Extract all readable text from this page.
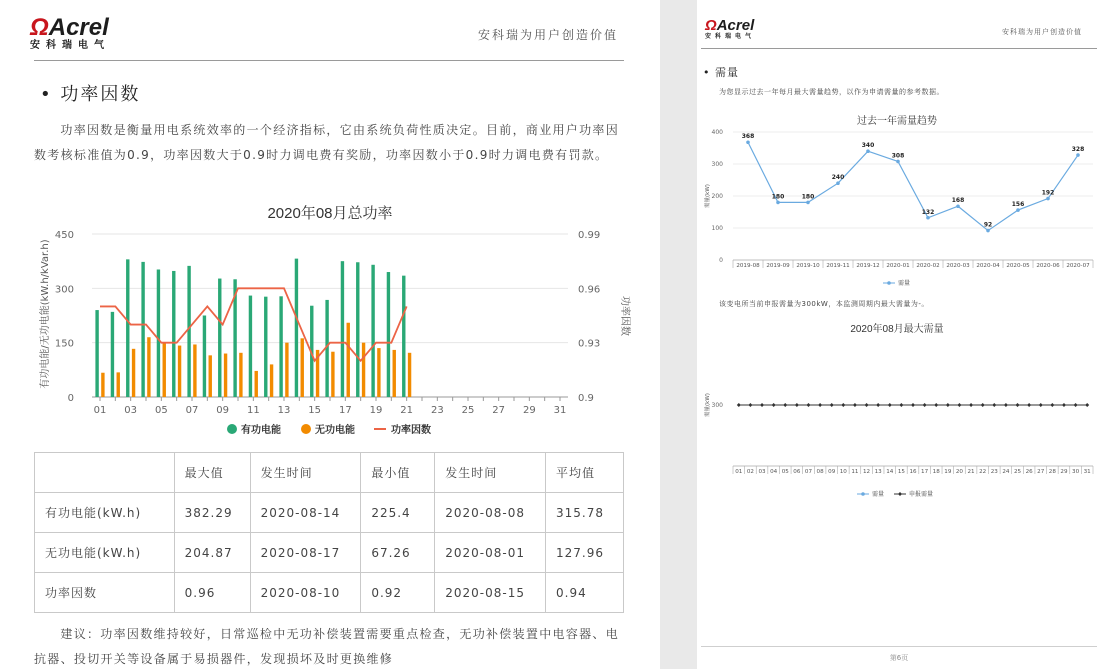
ΩAcrel
安科瑞电气
安科瑞为用户创造价值
• 功率因数
功率因数是衡量用电系统效率的一个经济指标，它由系统负荷性质决定。目前，商业用户功率因数考核标准值为0.9，功率因数大于0.9时力调电费有奖励，功率因数小于0.9时力调电费有罚款。
2020年08月总功率
0
150
300
450
0.9
0.93
0.96
0.99
01 03 05 07 09 11 13 15 17 19 21 23 25 27 29 31
有功电能/无功电能(kW.h/kVar.h)	功率因数
有功电能	无功电能	功率因数
	最大值	发生时间	最小值	发生时间	平均值
有功电能(kW.h)	382.29	2020-08-14	225.4	2020-08-08	315.78
无功电能(kW.h)	204.87	2020-08-17	67.26	2020-08-01	127.96
功率因数	0.96	2020-08-10	0.92	2020-08-15	0.94
建议：功率因数维持较好，日常巡检中无功补偿装置需要重点检查，无功补偿装置中电容器、电抗器、投切开关等设备属于易损器件，发现损坏及时更换维修
ΩAcrel
安科瑞电气
安科瑞为用户创造价值
• 需量
为您显示过去一年每月最大需量趋势，以作为申请需量的参考数据。
过去一年需量趋势
0
100
200
300
400
2019-08 2019-09 2019-10 2019-11 2019-12 2020-01 2020-02 2020-03 2020-04 2020-05 2020-06 2020-07
368
180	180
240
340
308
132
168
92
156
192
328
需量(kW)
需量
该变电所当前申报需量为300kW，本监测周期内最大需量为-。
2020年08月最大需量
300
需量(kW)
01 02 03 04 05 06 07 08 09 10 11 12 13 14 15 16 17 18 19 20 21 22 23 24 25 26 27 28 29 30 31
需量	申报需量
第6页
